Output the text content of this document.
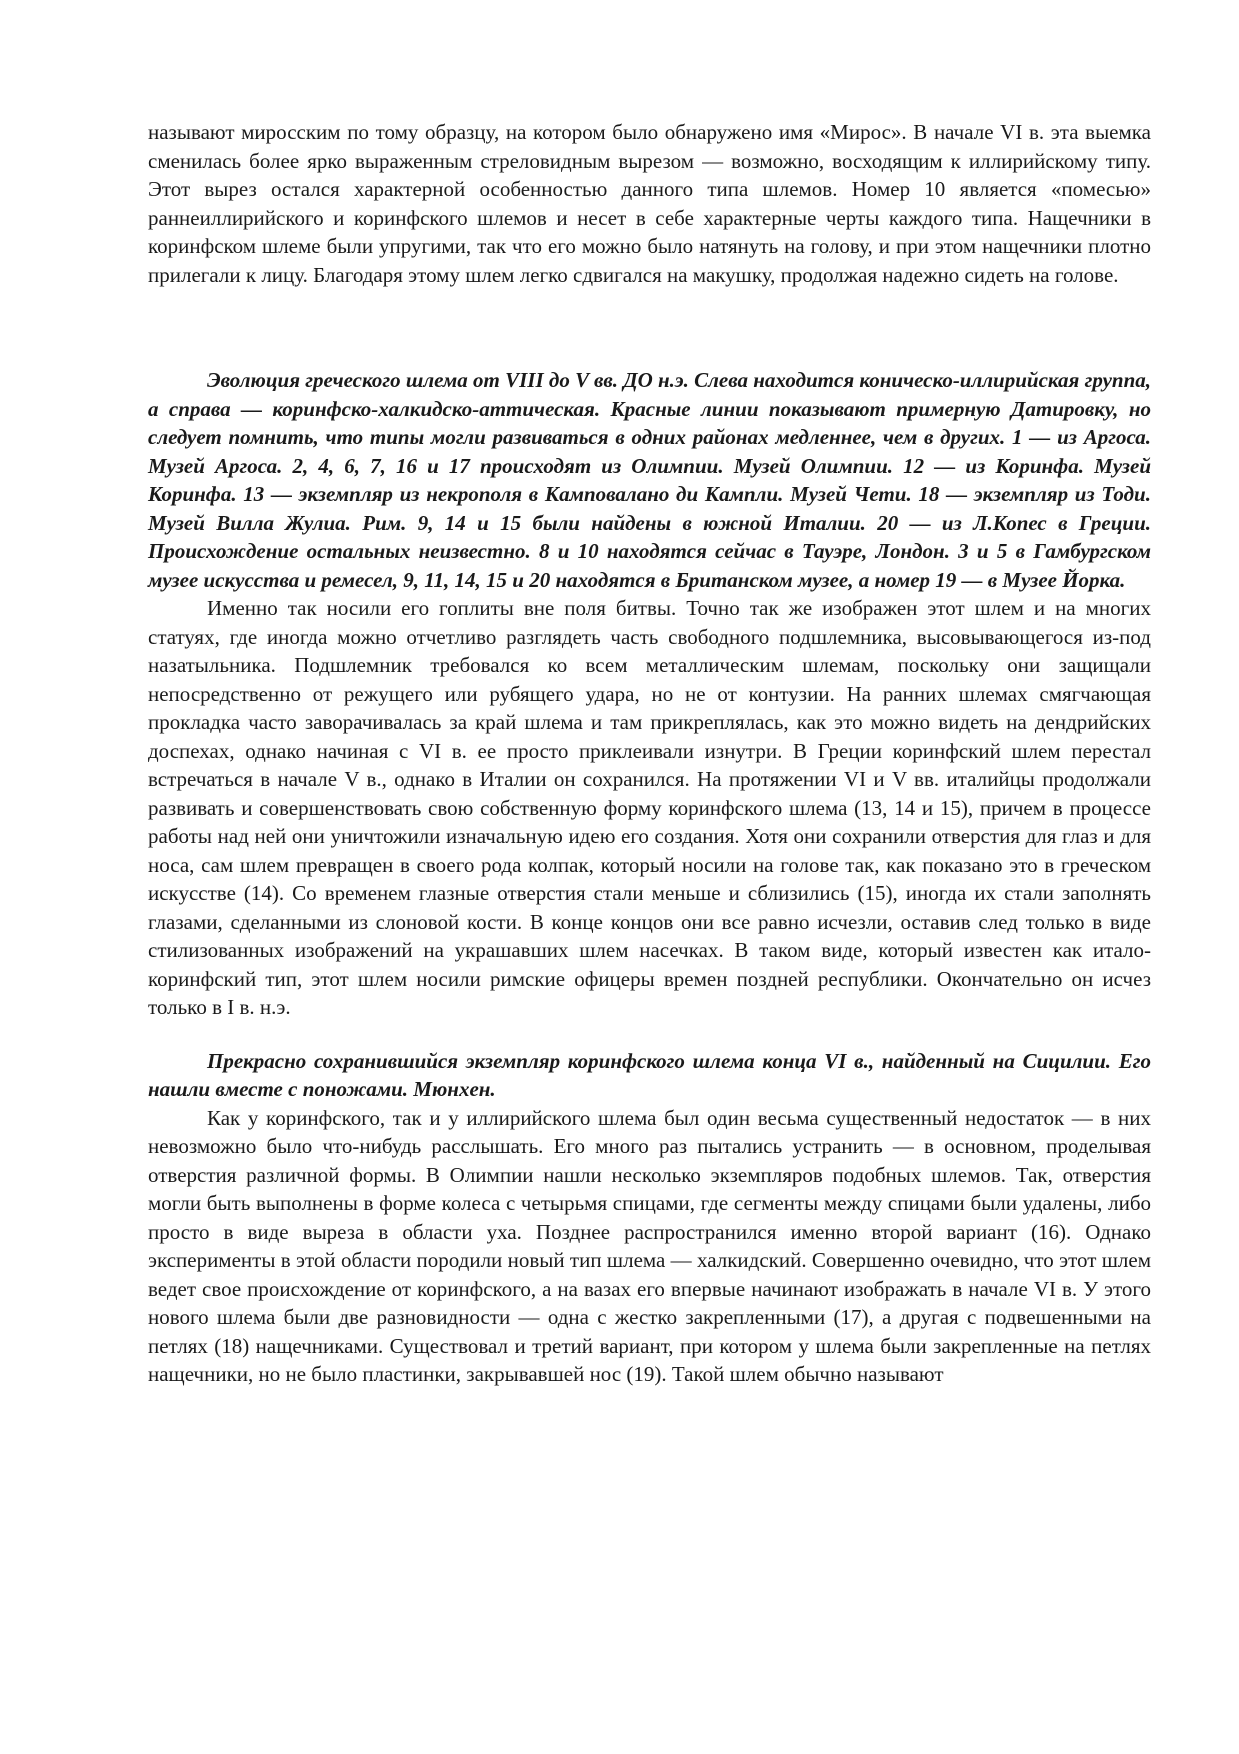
называют миросским по тому образцу, на котором было обнаружено имя «Мирос». В начале VI в. эта выемка сменилась более ярко выраженным стреловидным вырезом — возможно, восходящим к иллирийскому типу. Этот вырез остался характерной особенностью данного типа шлемов. Номер 10 является «помесью» раннеиллирийского и коринфского шлемов и несет в себе характерные черты каждого типа. Нащечники в коринфском шлеме были упругими, так что его можно было натянуть на голову, и при этом нащечники плотно прилегали к лицу. Благодаря этому шлем легко сдвигался на макушку, продолжая надежно сидеть на голове.

Эволюция греческого шлема от VIII до V вв. ДО н.э. Слева находится коническо-иллирийская группа, а справа — коринфско-халкидско-аттическая. Красные линии показывают примерную Датировку, но следует помнить, что типы могли развиваться в одних районах медленнее, чем в других. 1 — из Аргоса. Музей Аргоса. 2, 4, 6, 7, 16 и 17 происходят из Олимпии. Музей Олимпии. 12 — из Коринфа. Музей Коринфа. 13 — экземпляр из некрополя в Камповалано ди Кампли. Музей Чети. 18 — экземпляр из Тоди. Музей Вилла Жулиа. Рим. 9, 14 и 15 были найдены в южной Италии. 20 — из Л.Копес в Греции. Происхождение остальных неизвестно. 8 и 10 находятся сейчас в Тауэре, Лондон. 3 и 5 в Гамбургском музее искусства и ремесел, 9, 11, 14, 15 и 20 находятся в Британском музее, а номер 19 — в Музее Йорка.

Именно так носили его гоплиты вне поля битвы. Точно так же изображен этот шлем и на многих статуях, где иногда можно отчетливо разглядеть часть свободного подшлемника, высовывающегося из-под назатыльника. Подшлемник требовался ко всем металлическим шлемам, поскольку они защищали непосредственно от режущего или рубящего удара, но не от контузии. На ранних шлемах смягчающая прокладка часто заворачивалась за край шлема и там прикреплялась, как это можно видеть на дендрийских доспехах, однако начиная с VI в. ее просто приклеивали изнутри. В Греции коринфский шлем перестал встречаться в начале V в., однако в Италии он сохранился. На протяжении VI и V вв. италийцы продолжали развивать и совершенствовать свою собственную форму коринфского шлема (13, 14 и 15), причем в процессе работы над ней они уничтожили изначальную идею его создания. Хотя они сохранили отверстия для глаз и для носа, сам шлем превращен в своего рода колпак, который носили на голове так, как показано это в греческом искусстве (14). Со временем глазные отверстия стали меньше и сблизились (15), иногда их стали заполнять глазами, сделанными из слоновой кости. В конце концов они все равно исчезли, оставив след только в виде стилизованных изображений на украшавших шлем насечках. В таком виде, который известен как итало-коринфский тип, этот шлем носили римские офицеры времен поздней республики. Окончательно он исчез только в I в. н.э.

Прекрасно сохранившийся экземпляр коринфского шлема конца VI в., найденный на Сицилии. Его нашли вместе с поножами. Мюнхен.

Как у коринфского, так и у иллирийского шлема был один весьма существенный недостаток — в них невозможно было что-нибудь расслышать. Его много раз пытались устранить — в основном, проделывая отверстия различной формы. В Олимпии нашли несколько экземпляров подобных шлемов. Так, отверстия могли быть выполнены в форме колеса с четырьмя спицами, где сегменты между спицами были удалены, либо просто в виде выреза в области уха. Позднее распространился именно второй вариант (16). Однако эксперименты в этой области породили новый тип шлема — халкидский. Совершенно очевидно, что этот шлем ведет свое происхождение от коринфского, а на вазах его впервые начинают изображать в начале VI в. У этого нового шлема были две разновидности — одна с жестко закрепленными (17), а другая с подвешенными на петлях (18) нащечниками. Существовал и третий вариант, при котором у шлема были закрепленные на петлях нащечники, но не было пластинки, закрывавшей нос (19). Такой шлем обычно называют
